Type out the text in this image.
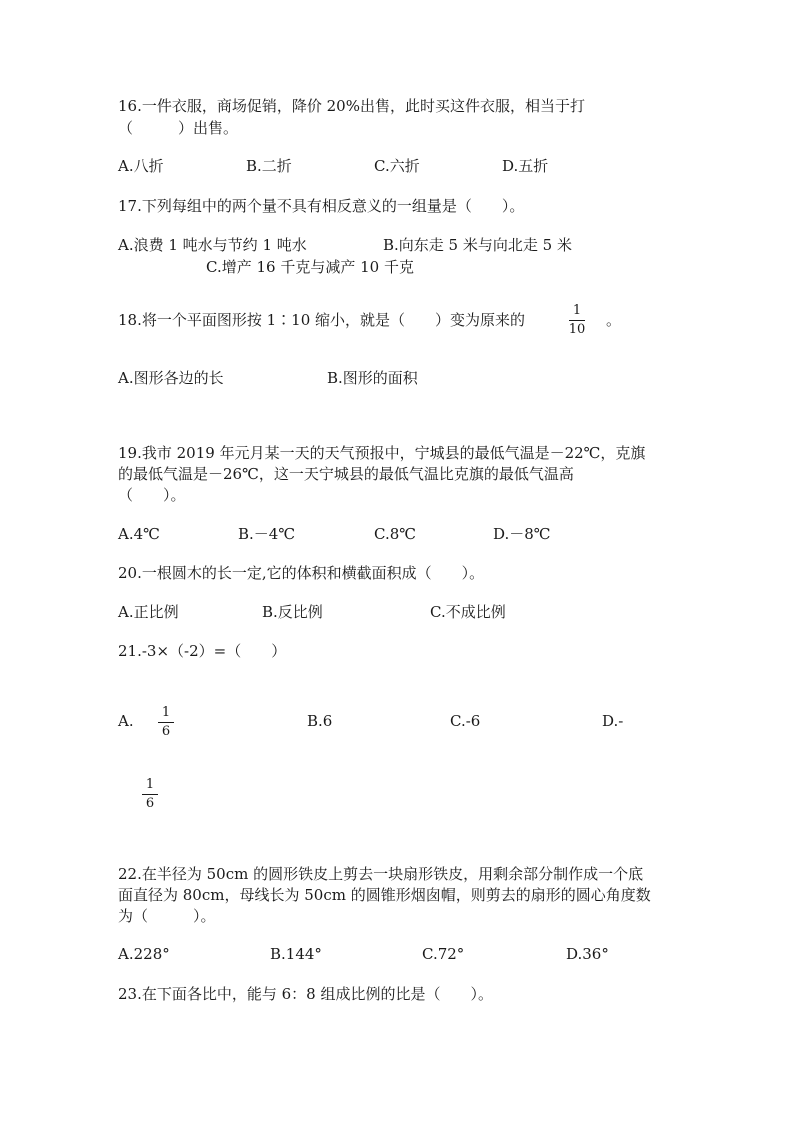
16.一件衣服，商场促销，降价 20%出售，此时买这件衣服，相当于打
（　　　）出售。
A.八折	B.二折	C.六折	D.五折
17.下列每组中的两个量不具有相反意义的一组量是（　　）。
A.浪费 1 吨水与节约 1 吨水	B.向东走 5 米与向北走 5 米
C.增产 16 千克与减产 10 千克
18.将一个平面图形按 1∶10 缩小，就是（　　）变为原来的
1
10
。
A.图形各边的长	B.图形的面积
19.我市 2019 年元月某一天的天气预报中，宁城县的最低气温是－22℃，克旗
的最低气温是－26℃，这一天宁城县的最低气温比克旗的最低气温高
（　　）。
A.4℃	B.－4℃	C.8℃	D.－8℃
20.一根圆木的长一定,它的体积和横截面积成（　　）。
A.正比例	B.反比例	C.不成比例
21.-3×（-2）=（　　）
A.	1
6
B.6	C.-6	D.-
1
6
22.在半径为 50cm 的圆形铁皮上剪去一块扇形铁皮，用剩余部分制作成一个底
面直径为 80cm，母线长为 50cm 的圆锥形烟囱帽，则剪去的扇形的圆心角度数
为（　　　）。
A.228°	B.144°	C.72°	D.36°
23.在下面各比中，能与 6：8 组成比例的比是（　　）。
